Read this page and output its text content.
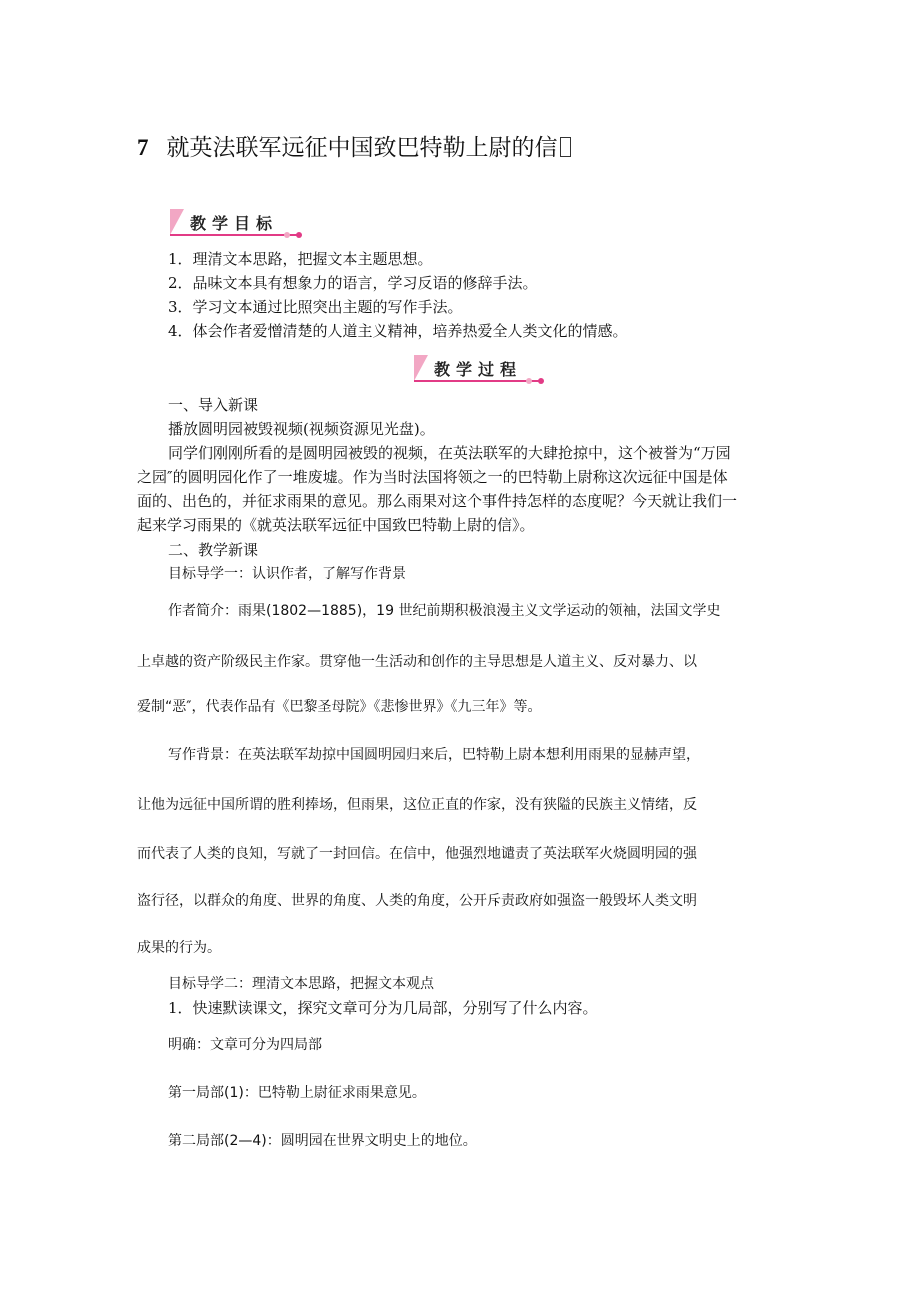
7 就英法联军远征中国致巴特勒上尉的信
教学目标
1．理清文本思路，把握文本主题思想。
2．品味文本具有想象力的语言，学习反语的修辞手法。
3．学习文本通过比照突出主题的写作手法。
4．体会作者爱憎清楚的人道主义精神，培养热爱全人类文化的情感。
教学过程
一、导入新课
播放圆明园被毁视频(视频资源见光盘)。
同学们刚刚所看的是圆明园被毁的视频，在英法联军的大肆抢掠中，这个被誉为“万园
之园″的圆明园化作了一堆废墟。作为当时法国将领之一的巴特勒上尉称这次远征中国是体
面的、出色的，并征求雨果的意见。那么雨果对这个事件持怎样的态度呢？今天就让我们一
起来学习雨果的《就英法联军远征中国致巴特勒上尉的信》。
二、教学新课
目标导学一：认识作者，了解写作背景
作者简介：雨果(1802—1885)，19 世纪前期积极浪漫主义文学运动的领袖，法国文学史
上卓越的资产阶级民主作家。贯穿他一生活动和创作的主导思想是人道主义、反对暴力、以
爱制“恶″，代表作品有《巴黎圣母院》《悲惨世界》《九三年》等。
写作背景：在英法联军劫掠中国圆明园归来后，巴特勒上尉本想利用雨果的显赫声望，
让他为远征中国所谓的胜利捧场，但雨果，这位正直的作家，没有狭隘的民族主义情绪，反
而代表了人类的良知，写就了一封回信。在信中，他强烈地谴责了英法联军火烧圆明园的强
盗行径，以群众的角度、世界的角度、人类的角度，公开斥责政府如强盗一般毁坏人类文明
成果的行为。
目标导学二：理清文本思路，把握文本观点
1．快速默读课文，探究文章可分为几局部，分别写了什么内容。
明确：文章可分为四局部
第一局部(1)：巴特勒上尉征求雨果意见。
第二局部(2—4)：圆明园在世界文明史上的地位。
